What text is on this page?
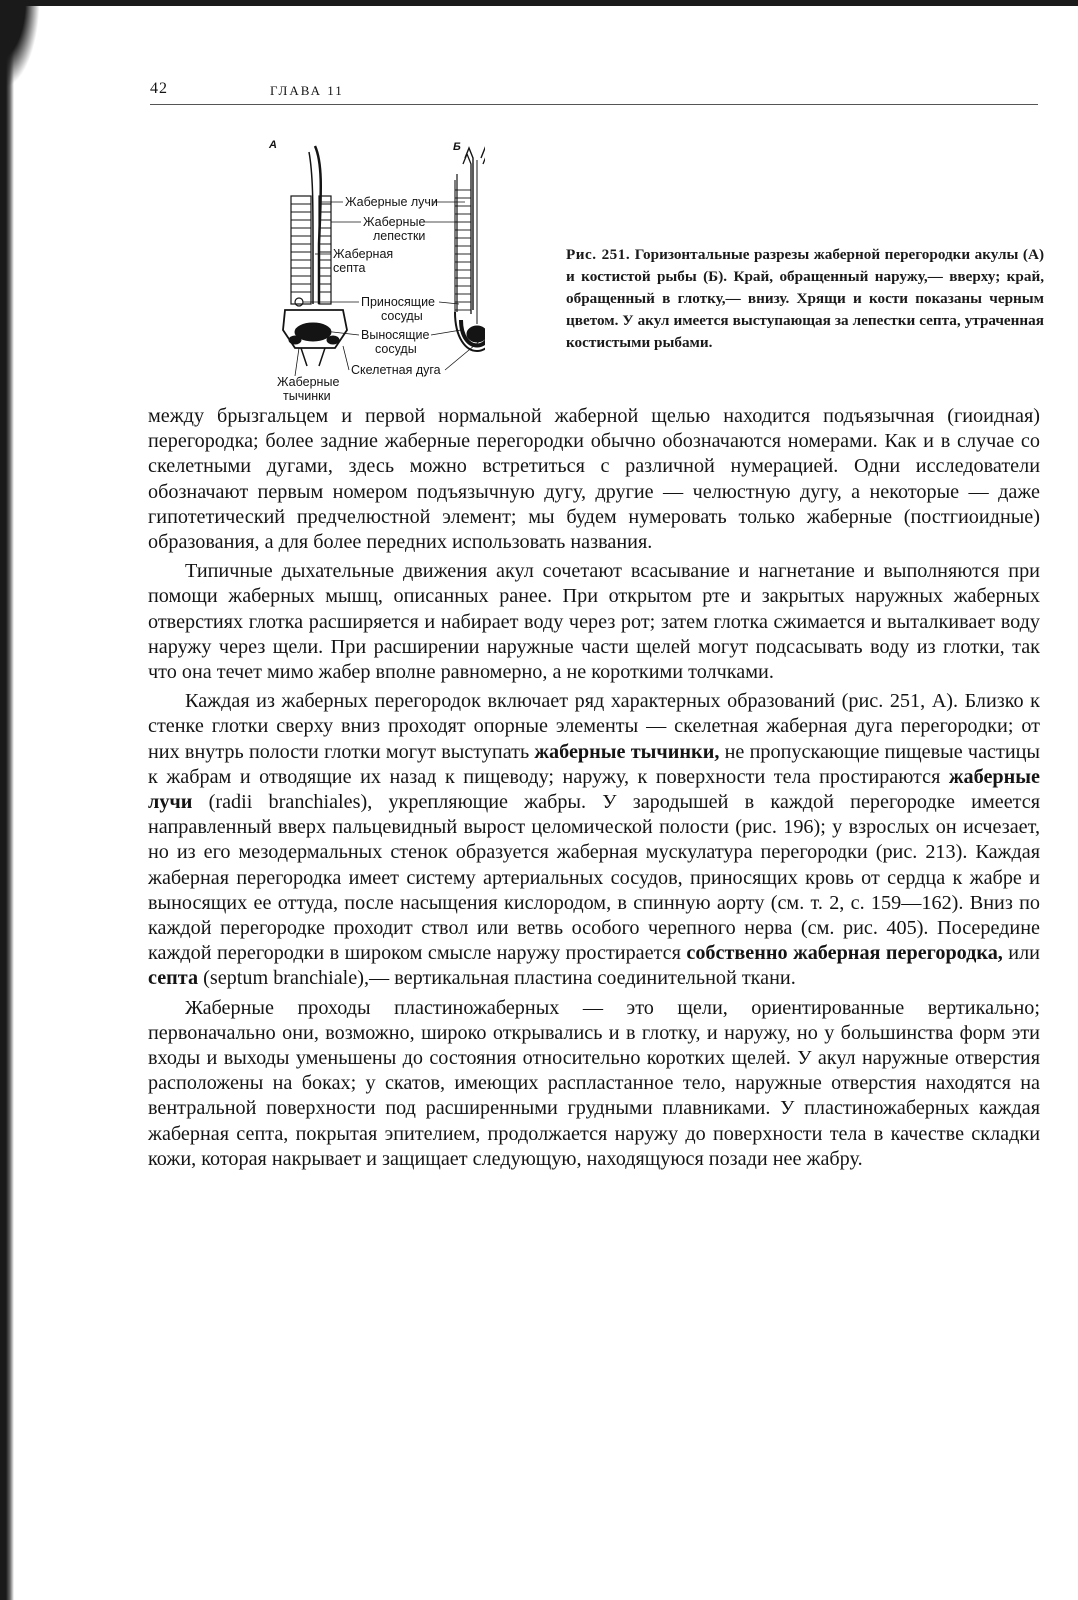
42	ГЛАВА 11
А	Б
Жаберные лучи
Жаберные
лепестки
Жаберная
септа
Приносящие
сосуды
Выносящие
сосуды
Скелетная дуга
Жаберные
тычинки
Рис. 251. Горизонтальные разрезы жаберной перегородки акулы (А) и костистой рыбы (Б). Край, обращенный наружу,— вверху; край, обращенный в глотку,— внизу. Хрящи и кости показаны черным цветом. У акул имеется выступающая за лепестки септа, утраченная костистыми рыбами.

между брызгальцем и первой нормальной жаберной щелью находится подъязычная (гиоидная) перегородка; более задние жаберные перегородки обычно обозначаются номерами. Как и в случае со скелетными дугами, здесь можно встретиться с различной нумерацией. Одни исследователи обозначают первым номером подъязычную дугу, другие — челюстную дугу, а некоторые — даже гипотетический предчелюстной элемент; мы будем нумеровать только жаберные (постгиоидные) образования, а для более передних использовать названия.

Типичные дыхательные движения акул сочетают всасывание и нагнетание и выполняются при помощи жаберных мышц, описанных ранее. При открытом рте и закрытых наружных жаберных отверстиях глотка расширяется и набирает воду через рот; затем глотка сжимается и выталкивает воду наружу через щели. При расширении наружные части щелей могут подсасывать воду из глотки, так что она течет мимо жабер вполне равномерно, а не короткими толчками.

Каждая из жаберных перегородок включает ряд характерных образований (рис. 251, А). Близко к стенке глотки сверху вниз проходят опорные элементы — скелетная жаберная дуга перегородки; от них внутрь полости глотки могут выступать жаберные тычинки, не пропускающие пищевые частицы к жабрам и отводящие их назад к пищеводу; наружу, к поверхности тела простираются жаберные лучи (radii branchiales), укрепляющие жабры. У зародышей в каждой перегородке имеется направленный вверх пальцевидный вырост целомической полости (рис. 196); у взрослых он исчезает, но из его мезодермальных стенок образуется жаберная мускулатура перегородки (рис. 213). Каждая жаберная перегородка имеет систему артериальных сосудов, приносящих кровь от сердца к жабре и выносящих ее оттуда, после насыщения кислородом, в спинную аорту (см. т. 2, с. 159—162). Вниз по каждой перегородке проходит ствол или ветвь особого черепного нерва (см. рис. 405). Посередине каждой перегородки в широком смысле наружу простирается собственно жаберная перегородка, или септа (septum branchiale),— вертикальная пластина соединительной ткани.

Жаберные проходы пластиножаберных — это щели, ориентированные вертикально; первоначально они, возможно, широко открывались и в глотку, и наружу, но у большинства форм эти входы и выходы уменьшены до состояния относительно коротких щелей. У акул наружные отверстия расположены на боках; у скатов, имеющих распластанное тело, наружные отверстия находятся на вентральной поверхности под расширенными грудными плавниками. У пластиножаберных каждая жаберная септа, покрытая эпителием, продолжается наружу до поверхности тела в качестве складки кожи, которая накрывает и защищает следующую, находящуюся позади нее жабру.
